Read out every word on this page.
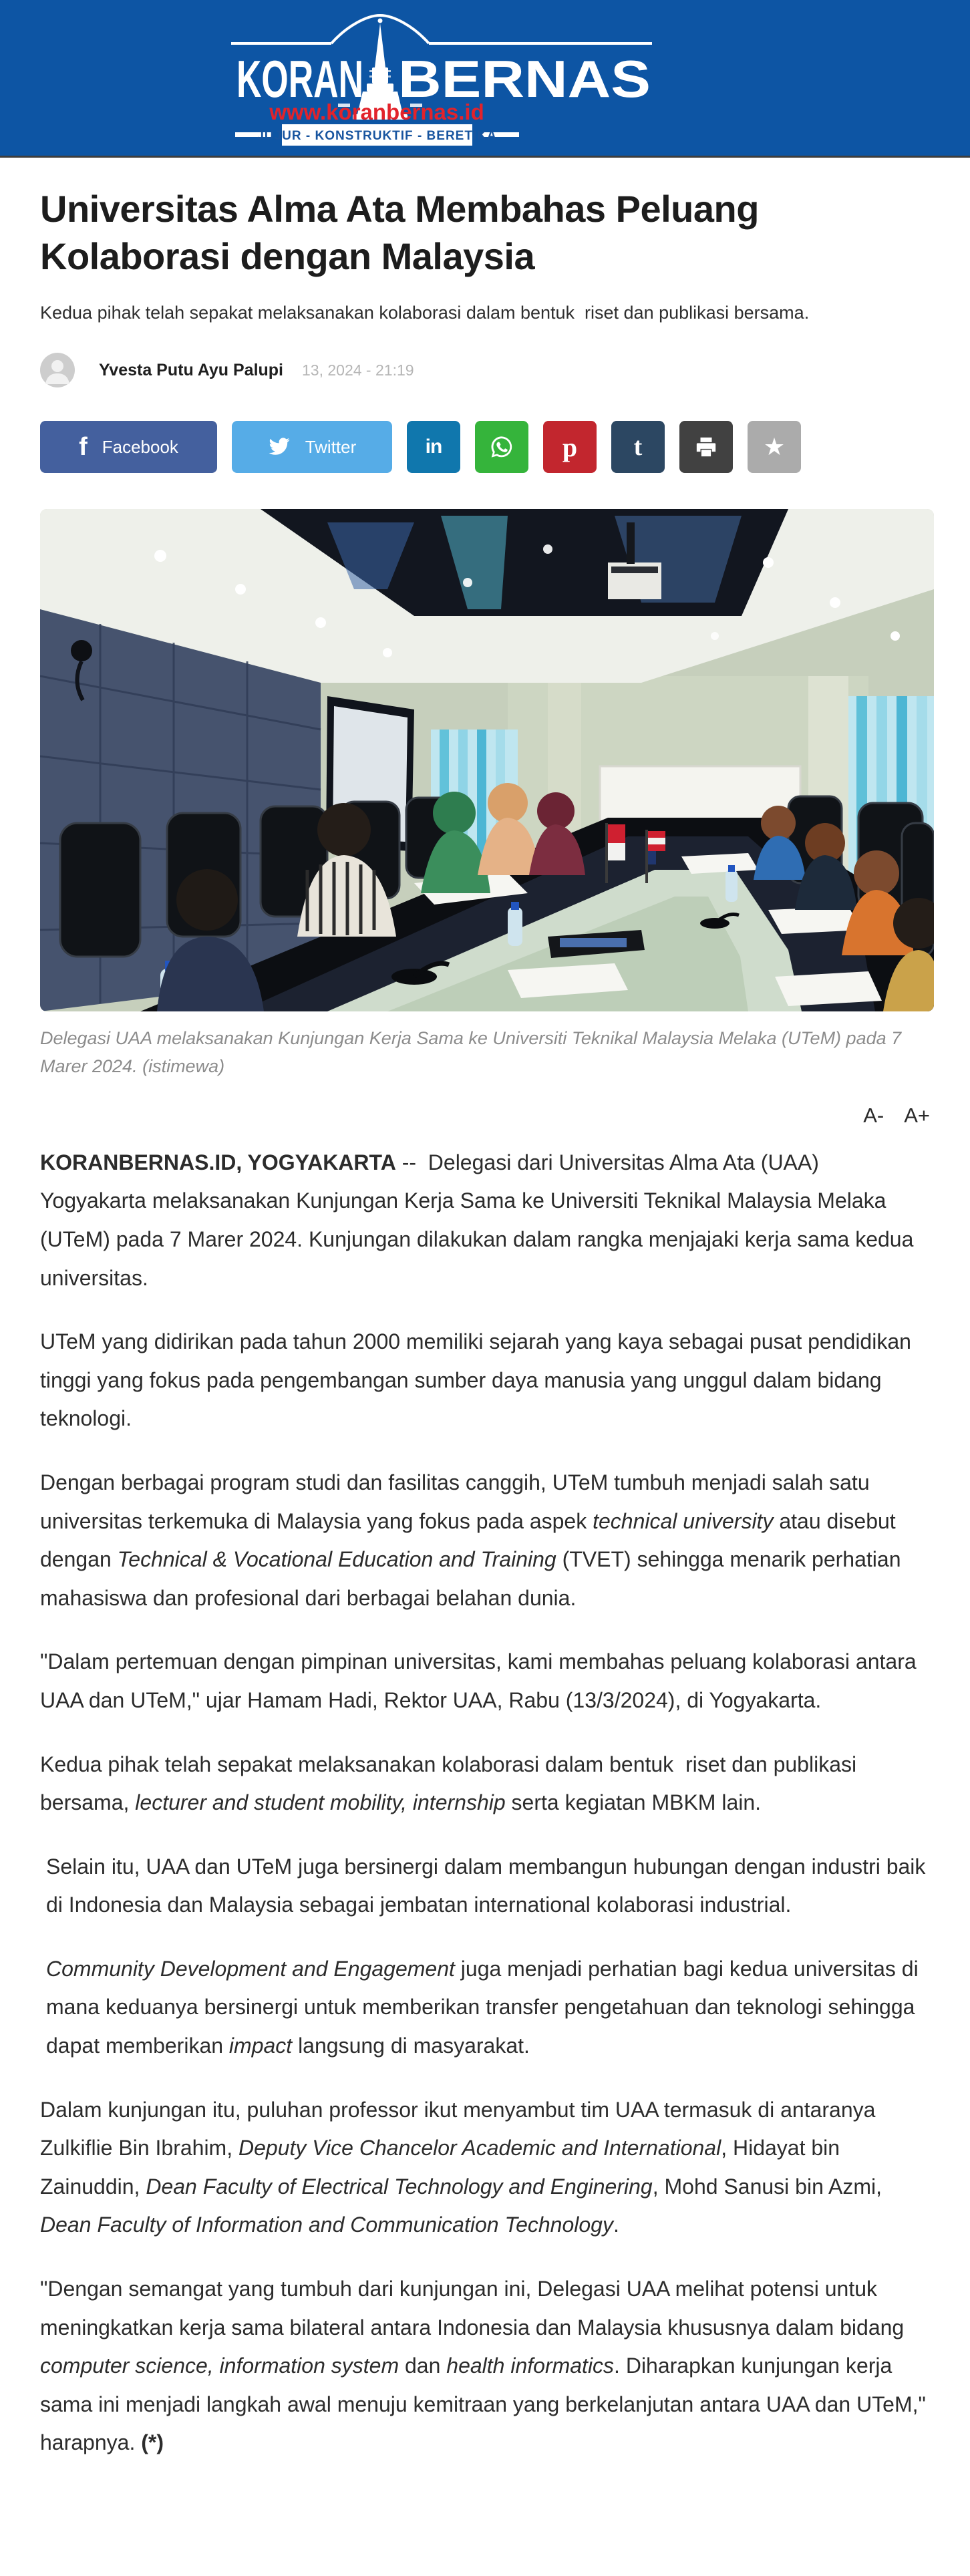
KORAN BERNAS
www.koranbernas.id
JUJUR - KONSTRUKTIF - BERETIKA
Universitas Alma Ata Membahas Peluang Kolaborasi dengan Malaysia

Kedua pihak telah sepakat melaksanakan kolaborasi dalam bentuk  riset dan publikasi bersama.

Yvesta Putu Ayu Palupi 13, 2024 - 21:19
f Facebook	Twitter	in	p t	★

Delegasi UAA melaksanakan Kunjungan Kerja Sama ke Universiti Teknikal Malaysia Melaka (UTeM) pada 7 Marer 2024. (istimewa)

A- A+

KORANBERNAS.ID, YOGYAKARTA --  Delegasi dari Universitas Alma Ata (UAA) Yogyakarta melaksanakan Kunjungan Kerja Sama ke Universiti Teknikal Malaysia Melaka (UTeM) pada 7 Marer 2024. Kunjungan dilakukan dalam rangka menjajaki kerja sama kedua universitas.

UTeM yang didirikan pada tahun 2000 memiliki sejarah yang kaya sebagai pusat pendidikan tinggi yang fokus pada pengembangan sumber daya manusia yang unggul dalam bidang teknologi.

Dengan berbagai program studi dan fasilitas canggih, UTeM tumbuh menjadi salah satu universitas terkemuka di Malaysia yang fokus pada aspek technical university atau disebut dengan Technical & Vocational Education and Training (TVET) sehingga menarik perhatian mahasiswa dan profesional dari berbagai belahan dunia.

"Dalam pertemuan dengan pimpinan universitas, kami membahas peluang kolaborasi antara UAA dan UTeM," ujar Hamam Hadi, Rektor UAA, Rabu (13/3/2024), di Yogyakarta.

Kedua pihak telah sepakat melaksanakan kolaborasi dalam bentuk  riset dan publikasi bersama, lecturer and student mobility, internship serta kegiatan MBKM lain.

Selain itu, UAA dan UTeM juga bersinergi dalam membangun hubungan dengan industri baik di Indonesia dan Malaysia sebagai jembatan international kolaborasi industrial.

Community Development and Engagement juga menjadi perhatian bagi kedua universitas di mana keduanya bersinergi untuk memberikan transfer pengetahuan dan teknologi sehingga dapat memberikan impact langsung di masyarakat.

Dalam kunjungan itu, puluhan professor ikut menyambut tim UAA termasuk di antaranya Zulkiflie Bin Ibrahim, Deputy Vice Chancelor Academic and International, Hidayat bin Zainuddin, Dean Faculty of Electrical Technology and Enginering, Mohd Sanusi bin Azmi, Dean Faculty of Information and Communication Technology.

"Dengan semangat yang tumbuh dari kunjungan ini, Delegasi UAA melihat potensi untuk meningkatkan kerja sama bilateral antara Indonesia dan Malaysia khususnya dalam bidang  computer science, information system dan health informatics. Diharapkan kunjungan kerja sama ini menjadi langkah awal menuju kemitraan yang berkelanjutan antara UAA dan UTeM," harapnya. (*)
